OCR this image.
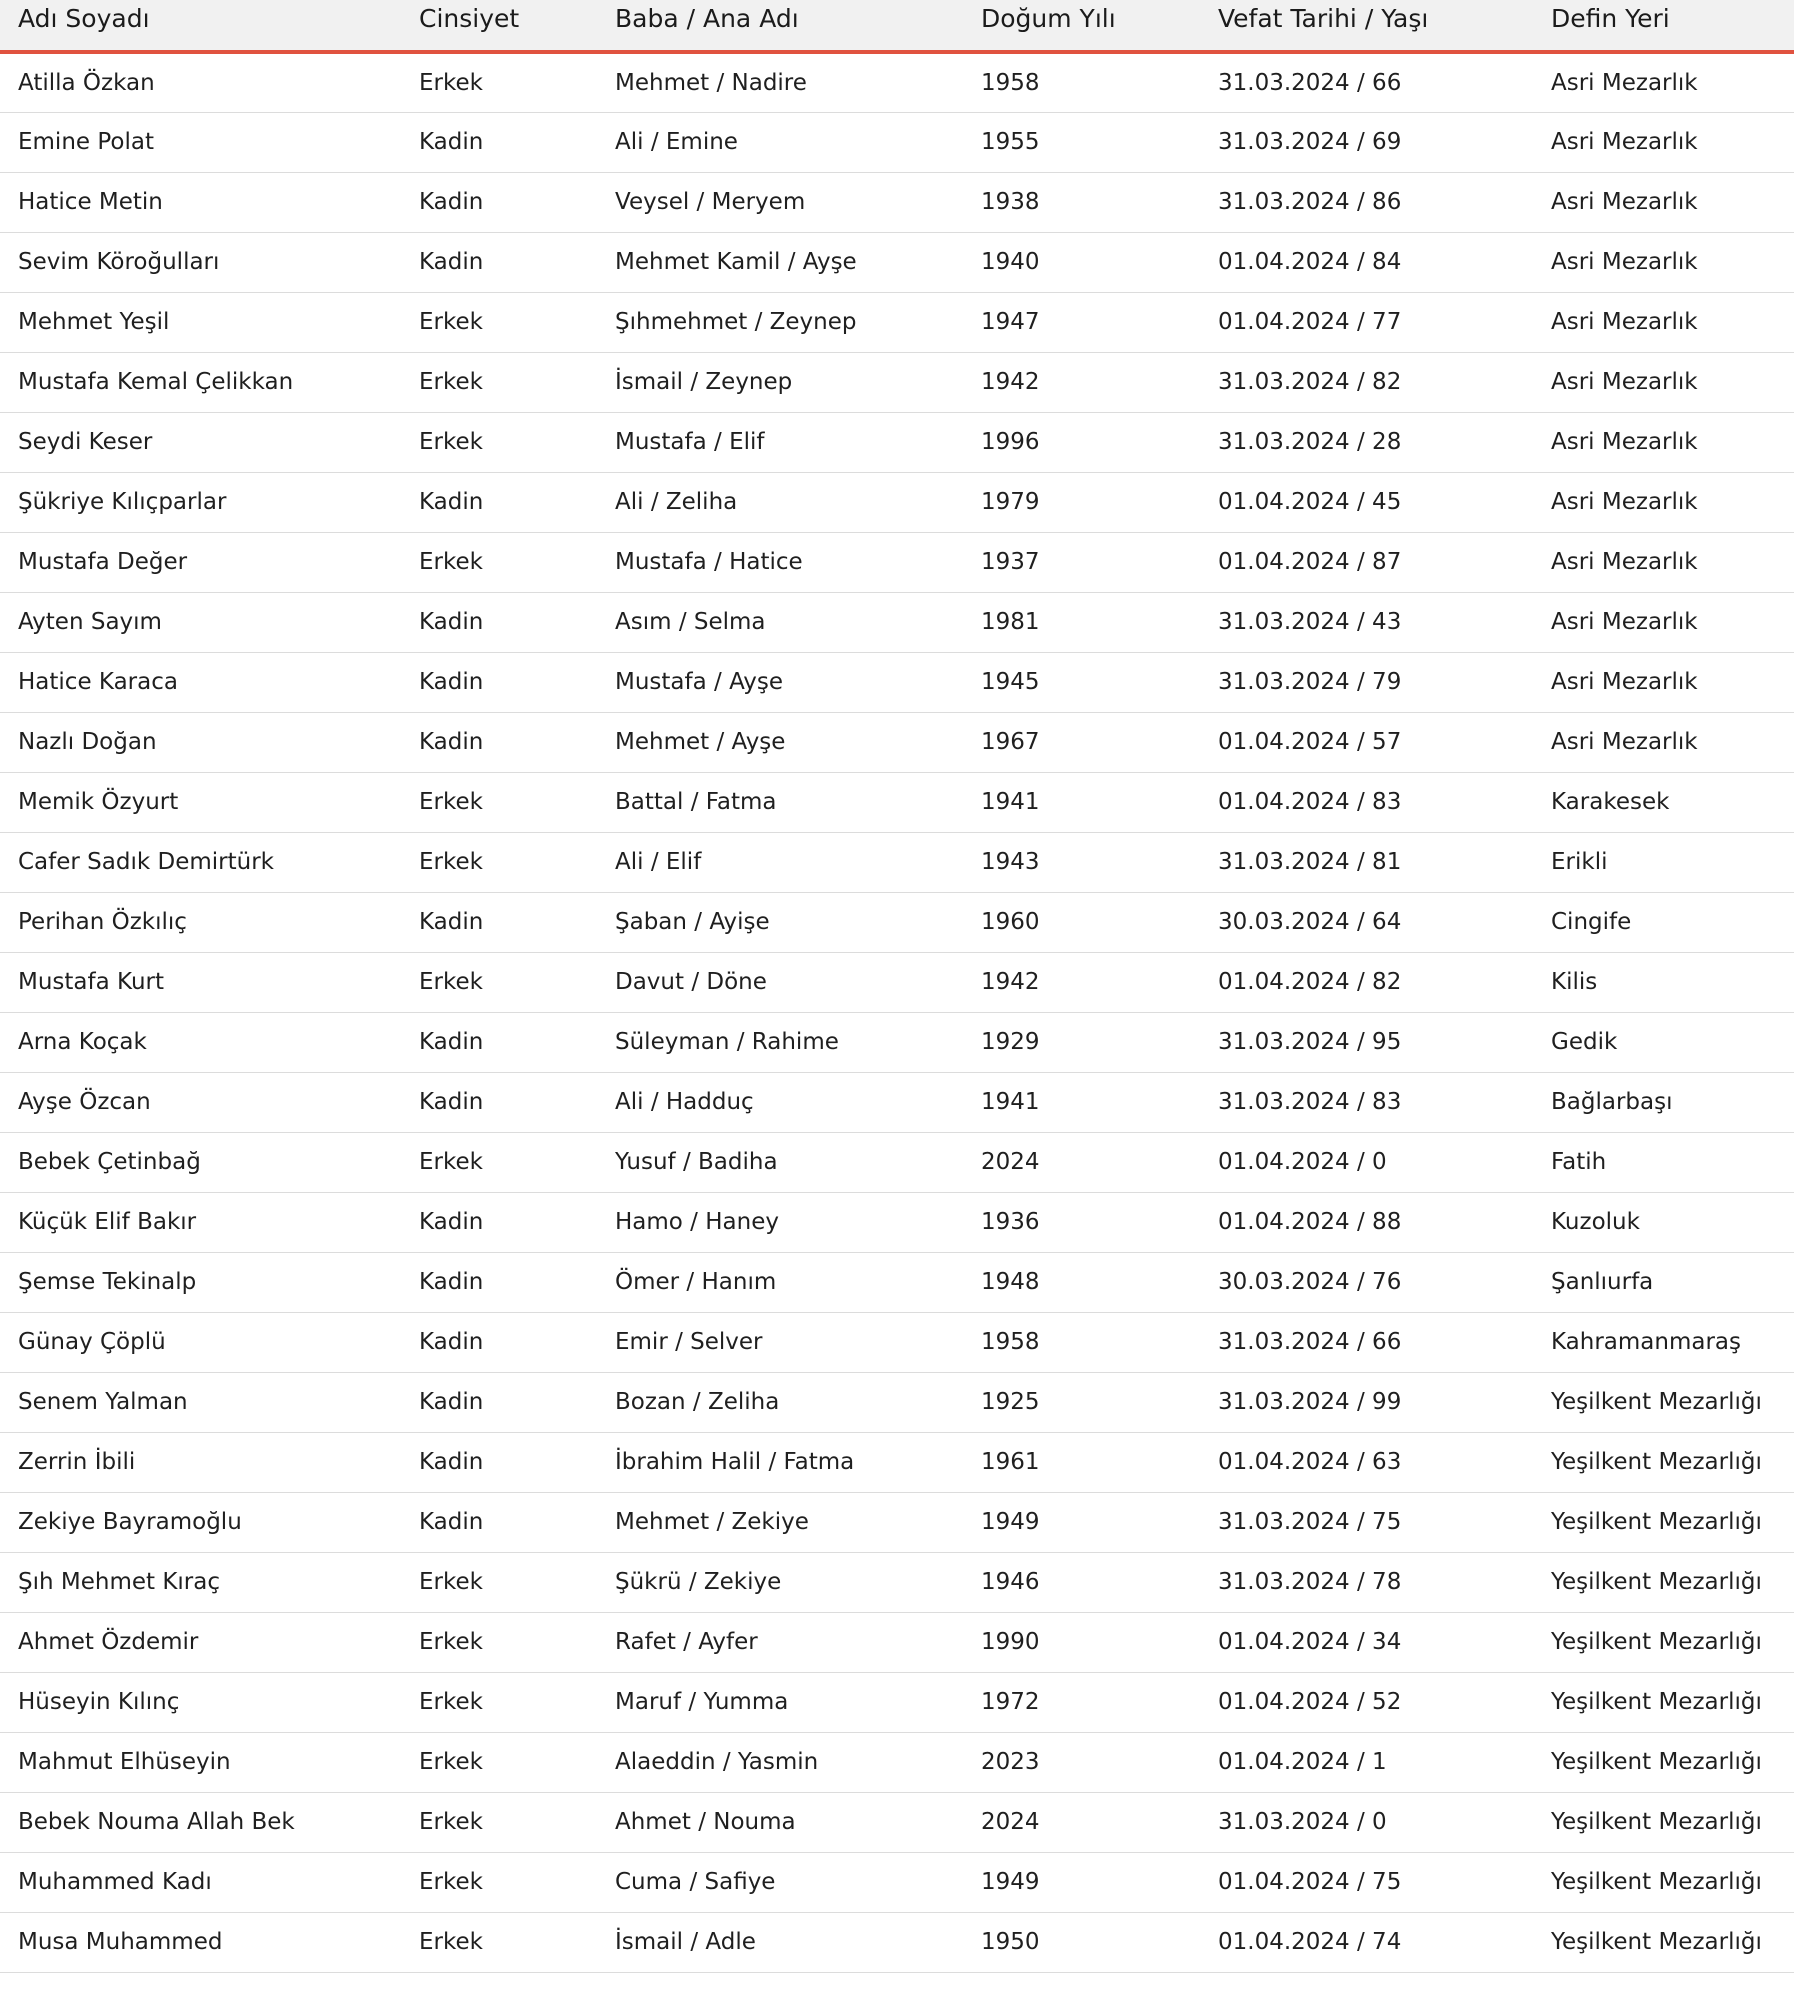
Adı Soyadı	Cinsiyet	Baba / Ana Adı	Doğum Yılı	Vefat Tarihi / Yaşı	Defin Yeri
Atilla Özkan	Erkek	Mehmet / Nadire	1958	31.03.2024 / 66	Asri Mezarlık
Emine Polat	Kadin	Ali / Emine	1955	31.03.2024 / 69	Asri Mezarlık
Hatice Metin	Kadin	Veysel / Meryem	1938	31.03.2024 / 86	Asri Mezarlık
Sevim Köroğulları	Kadin	Mehmet Kamil / Ayşe	1940	01.04.2024 / 84	Asri Mezarlık
Mehmet Yeşil	Erkek	Şıhmehmet / Zeynep	1947	01.04.2024 / 77	Asri Mezarlık
Mustafa Kemal Çelikkan	Erkek	İsmail / Zeynep	1942	31.03.2024 / 82	Asri Mezarlık
Seydi Keser	Erkek	Mustafa / Elif	1996	31.03.2024 / 28	Asri Mezarlık
Şükriye Kılıçparlar	Kadin	Ali / Zeliha	1979	01.04.2024 / 45	Asri Mezarlık
Mustafa Değer	Erkek	Mustafa / Hatice	1937	01.04.2024 / 87	Asri Mezarlık
Ayten Sayım	Kadin	Asım / Selma	1981	31.03.2024 / 43	Asri Mezarlık
Hatice Karaca	Kadin	Mustafa / Ayşe	1945	31.03.2024 / 79	Asri Mezarlık
Nazlı Doğan	Kadin	Mehmet / Ayşe	1967	01.04.2024 / 57	Asri Mezarlık
Memik Özyurt	Erkek	Battal / Fatma	1941	01.04.2024 / 83	Karakesek
Cafer Sadık Demirtürk	Erkek	Ali / Elif	1943	31.03.2024 / 81	Erikli
Perihan Özkılıç	Kadin	Şaban / Ayişe	1960	30.03.2024 / 64	Cingife
Mustafa Kurt	Erkek	Davut / Döne	1942	01.04.2024 / 82	Kilis
Arna Koçak	Kadin	Süleyman / Rahime	1929	31.03.2024 / 95	Gedik
Ayşe Özcan	Kadin	Ali / Hadduç	1941	31.03.2024 / 83	Bağlarbaşı
Bebek Çetinbağ	Erkek	Yusuf / Badiha	2024	01.04.2024 / 0	Fatih
Küçük Elif Bakır	Kadin	Hamo / Haney	1936	01.04.2024 / 88	Kuzoluk
Şemse Tekinalp	Kadin	Ömer / Hanım	1948	30.03.2024 / 76	Şanlıurfa
Günay Çöplü	Kadin	Emir / Selver	1958	31.03.2024 / 66	Kahramanmaraş
Senem Yalman	Kadin	Bozan / Zeliha	1925	31.03.2024 / 99	Yeşilkent Mezarlığı
Zerrin İbili	Kadin	İbrahim Halil / Fatma	1961	01.04.2024 / 63	Yeşilkent Mezarlığı
Zekiye Bayramoğlu	Kadin	Mehmet / Zekiye	1949	31.03.2024 / 75	Yeşilkent Mezarlığı
Şıh Mehmet Kıraç	Erkek	Şükrü / Zekiye	1946	31.03.2024 / 78	Yeşilkent Mezarlığı
Ahmet Özdemir	Erkek	Rafet / Ayfer	1990	01.04.2024 / 34	Yeşilkent Mezarlığı
Hüseyin Kılınç	Erkek	Maruf / Yumma	1972	01.04.2024 / 52	Yeşilkent Mezarlığı
Mahmut Elhüseyin	Erkek	Alaeddin / Yasmin	2023	01.04.2024 / 1	Yeşilkent Mezarlığı
Bebek Nouma Allah Bek	Erkek	Ahmet / Nouma	2024	31.03.2024 / 0	Yeşilkent Mezarlığı
Muhammed Kadı	Erkek	Cuma / Safiye	1949	01.04.2024 / 75	Yeşilkent Mezarlığı
Musa Muhammed	Erkek	İsmail / Adle	1950	01.04.2024 / 74	Yeşilkent Mezarlığı
